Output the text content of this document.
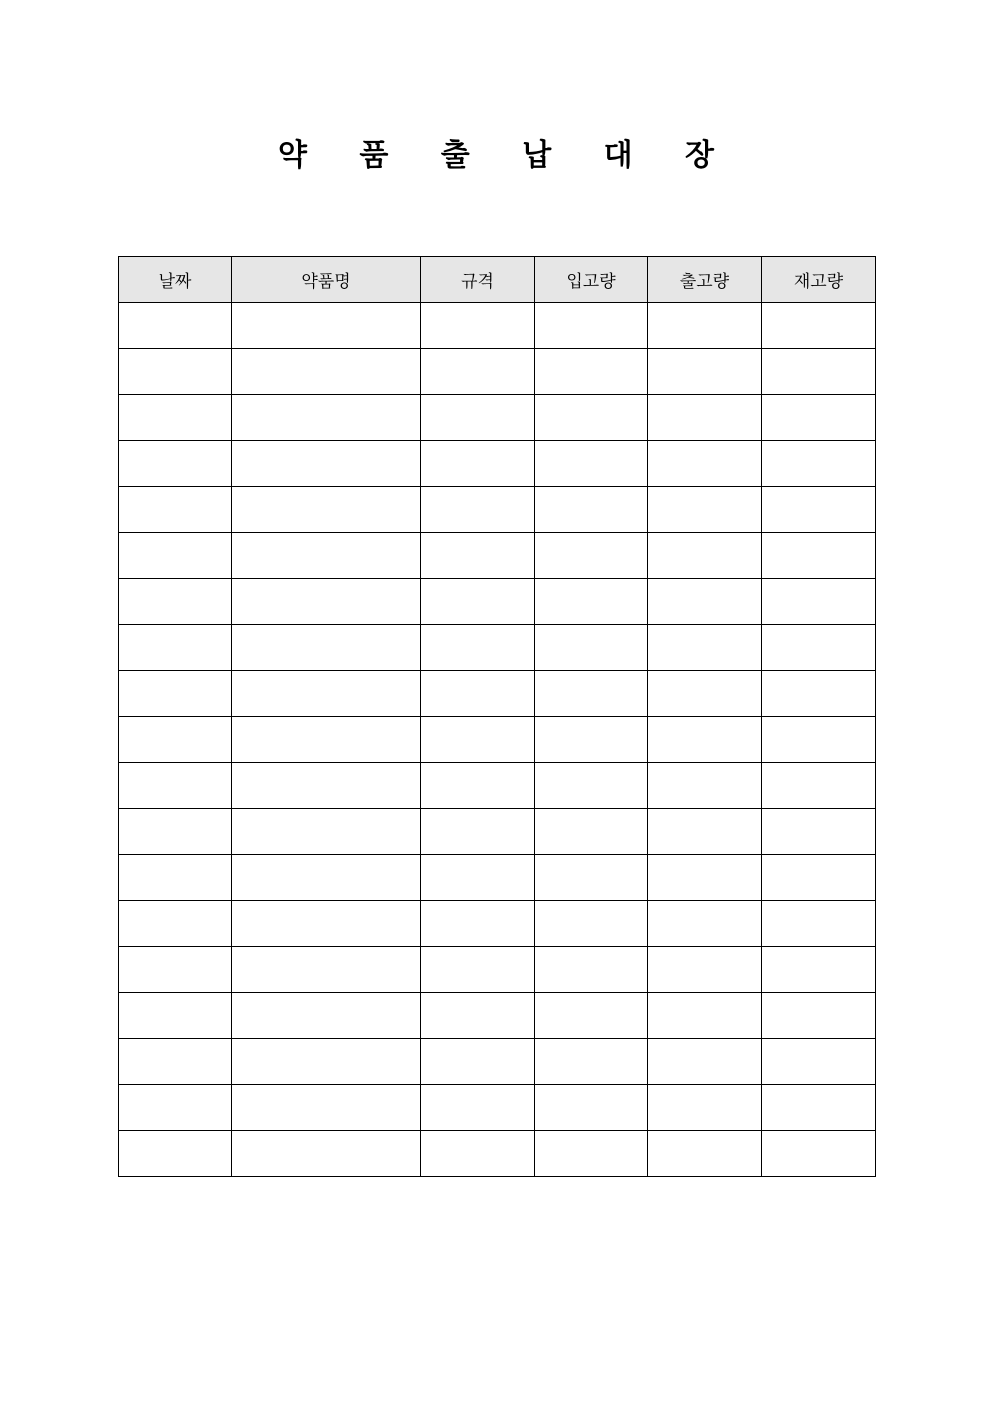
약 품 출 납 대 장
날짜	약품명	규격	입고량	출고량	재고량
